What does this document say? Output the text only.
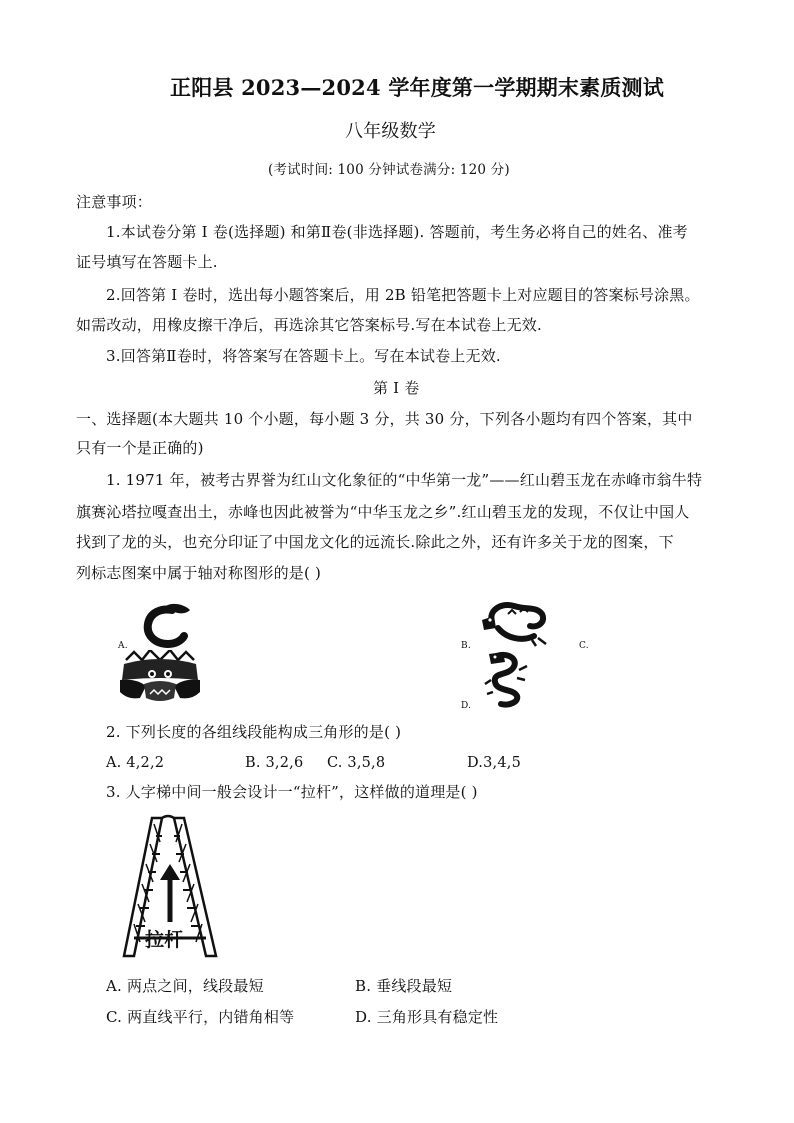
正阳县 2023—2024 学年度第一学期期末素质测试
八年级数学
(考试时间: 100 分钟试卷满分: 120 分)
注意事项：
1.本试卷分第 I 卷(选择题) 和第Ⅱ卷(非选择题). 答题前，考生务必将自己的姓名、准考
证号填写在答题卡上.
2.回答第 I 卷时，选出每小题答案后，用 2B 铅笔把答题卡上对应题目的答案标号涂黑。
如需改动，用橡皮擦干净后，再选涂其它答案标号.写在本试卷上无效.
3.回答第Ⅱ卷时，将答案写在答题卡上。写在本试卷上无效.
第 I 卷
一、选择题(本大题共 10 个小题，每小题 3 分，共 30 分，下列各小题均有四个答案，其中
只有一个是正确的)
1. 1971 年，被考古界誉为红山文化象征的“中华第一龙”——红山碧玉龙在赤峰市翁牛特
旗赛沁塔拉嘎查出土，赤峰也因此被誉为“中华玉龙之乡”.红山碧玉龙的发现，不仅让中国人
找到了龙的头，也充分印证了中国龙文化的远流长.除此之外，还有许多关于龙的图案，下
列标志图案中属于轴对称图形的是( )
A.	B.	C.
D.
2. 下列长度的各组线段能构成三角形的是( )
A. 4,2,2	B. 3,2,6 C. 3,5,8	D.3,4,5
3. 人字梯中间一般会设计一“拉杆”，这样做的道理是( )
拉杆
A. 两点之间，线段最短	B. 垂线段最短
C. 两直线平行，内错角相等	D. 三角形具有稳定性
